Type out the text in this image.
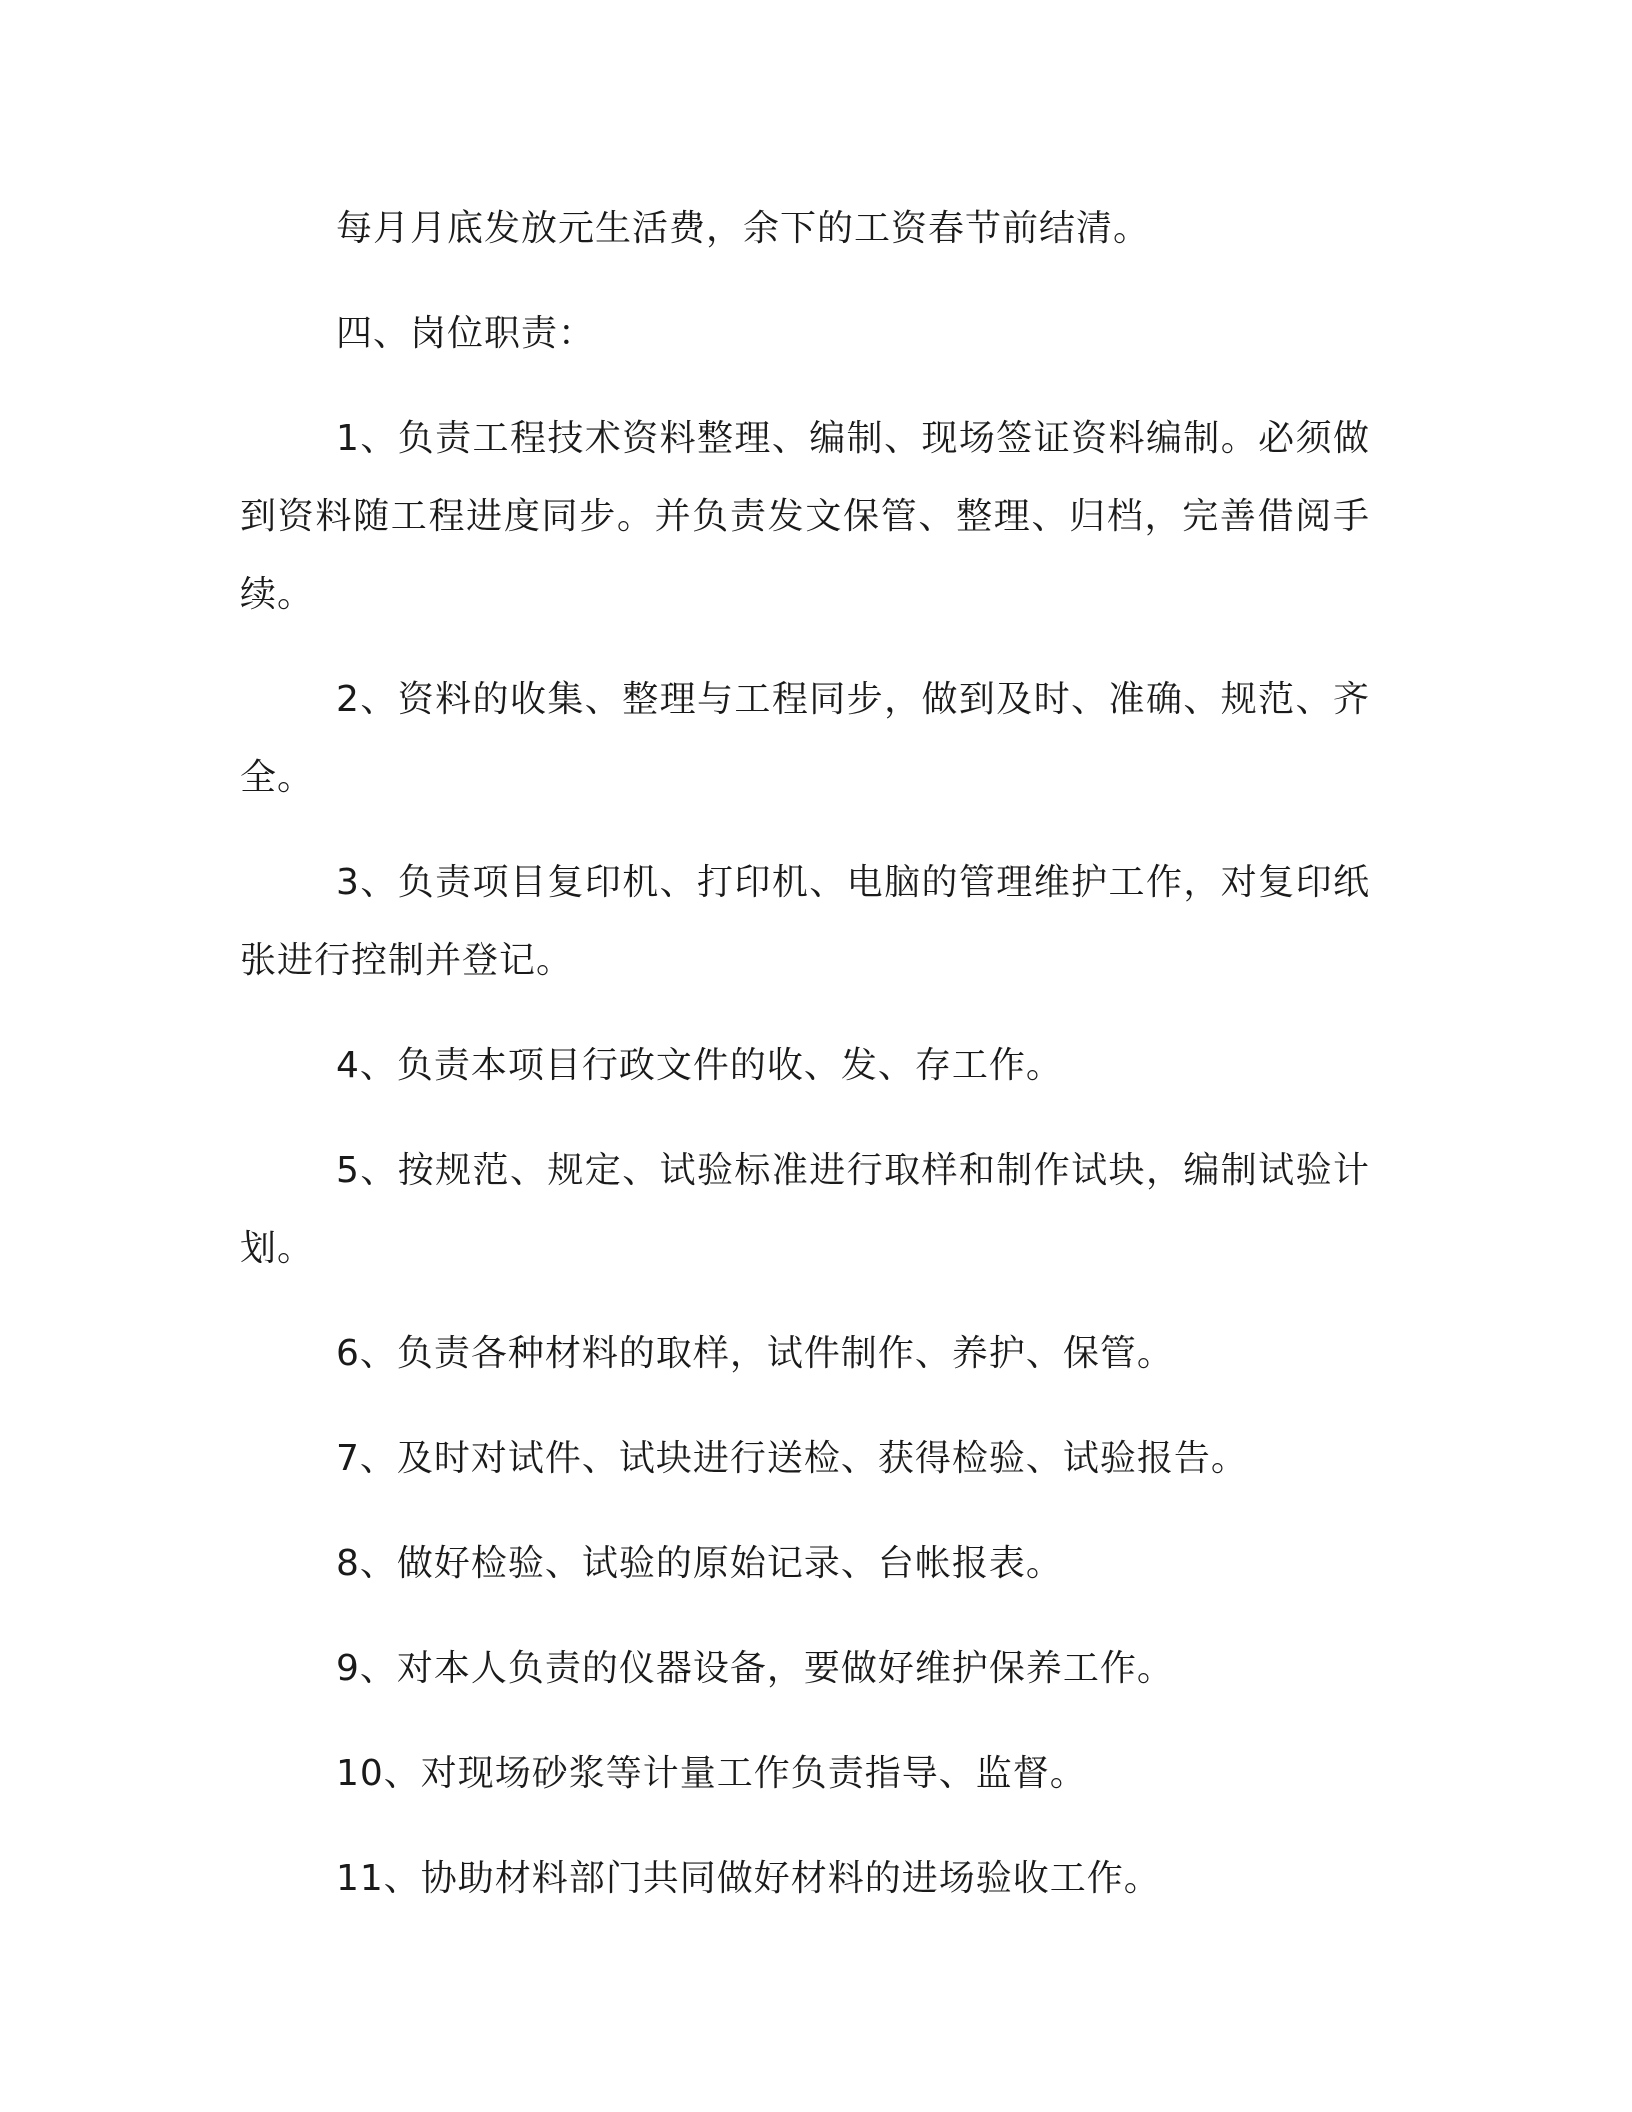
每月月底发放元生活费，余下的工资春节前结清。

四、岗位职责：

1、负责工程技术资料整理、编制、现场签证资料编制。必须做到资料随工程进度同步。并负责发文保管、整理、归档，完善借阅手续。

2、资料的收集、整理与工程同步，做到及时、准确、规范、齐全。

3、负责项目复印机、打印机、电脑的管理维护工作，对复印纸张进行控制并登记。

4、负责本项目行政文件的收、发、存工作。

5、按规范、规定、试验标准进行取样和制作试块，编制试验计划。

6、负责各种材料的取样，试件制作、养护、保管。

7、及时对试件、试块进行送检、获得检验、试验报告。

8、做好检验、试验的原始记录、台帐报表。

9、对本人负责的仪器设备，要做好维护保养工作。

10、对现场砂浆等计量工作负责指导、监督。

11、协助材料部门共同做好材料的进场验收工作。
